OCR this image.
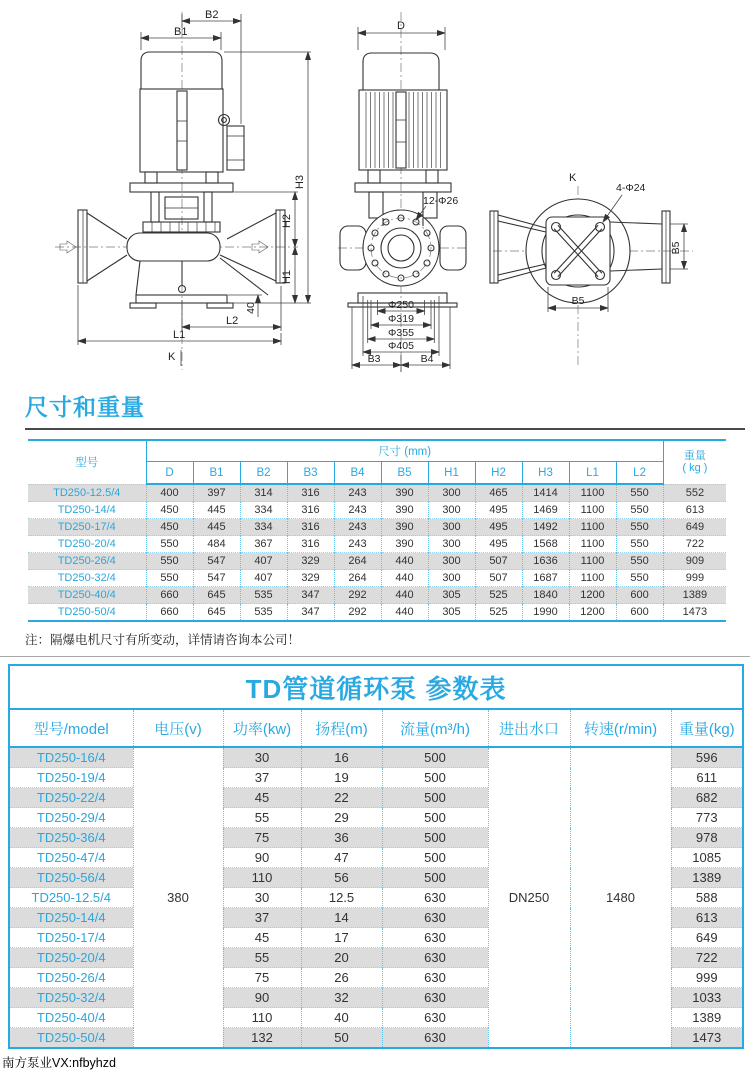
B2
B1
H3
H2
H1
40
L2
L1
K
D
12-Φ26
Φ250
Φ319
Φ355
Φ405
B3	B4
K
4-Φ24
B5
B5
尺寸和重量
型号	尺寸 (mm)											重量
( kg )
	D	B1	B2	B3	B4	B5	H1	H2	H3	L1	L2	
TD250-12.5/4	400	397	314	316	243	390	300	465	1414	1100	550	552
TD250-14/4	450	445	334	316	243	390	300	495	1469	1100	550	613
TD250-17/4	450	445	334	316	243	390	300	495	1492	1100	550	649
TD250-20/4	550	484	367	316	243	390	300	495	1568	1100	550	722
TD250-26/4	550	547	407	329	264	440	300	507	1636	1100	550	909
TD250-32/4	550	547	407	329	264	440	300	507	1687	1100	550	999
TD250-40/4	660	645	535	347	292	440	305	525	1840	1200	600	1389
TD250-50/4	660	645	535	347	292	440	305	525	1990	1200	600	1473

注：隔爆电机尺寸有所变动，详情请咨询本公司！

TD管道循环泵 参数表							
型号/model	电压(v)	功率(kw)	扬程(m)	流量(m³/h)	进出水口	转速(r/min)	重量(kg)
TD250-16/4	380	30	16	500	DN250	1480	596
TD250-19/4		37	19	500			611
TD250-22/4		45	22	500			682
TD250-29/4		55	29	500			773
TD250-36/4		75	36	500			978
TD250-47/4		90	47	500			1085
TD250-56/4		110	56	500			1389
TD250-12.5/4		30	12.5	630			588
TD250-14/4		37	14	630			613
TD250-17/4		45	17	630			649
TD250-20/4		55	20	630			722
TD250-26/4		75	26	630			999
TD250-32/4		90	32	630			1033
TD250-40/4		110	40	630			1389
TD250-50/4		132	50	630			1473
南方泵业VX:nfbyhzd
